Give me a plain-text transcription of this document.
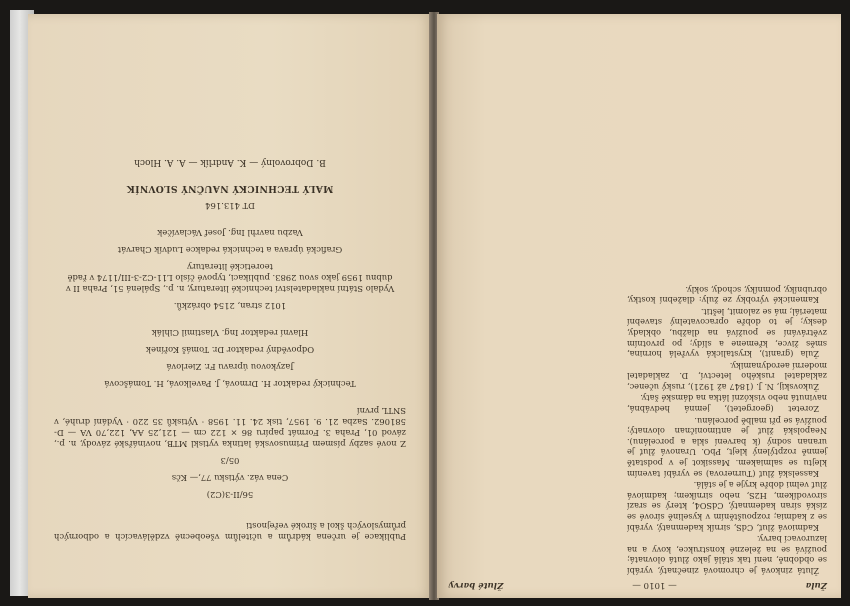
Publikace je určena kádrům a učitelům všeobecně vzdělávacích a odborných průmyslových škol a široké veřejnosti
56/II-3(C2)
Cena váz. výtisku 77,— Kčs
05/3
Z nové sazby písmem Primusovská latinka vytiskl MTB, novinářské závody, n. p., závod 01, Praha 3. Formát papíru 86 × 122 cm — 121,25 AA, 122,70 VA — D-581062. Sazba 21. 9. 1957, tisk 24. 11. 1958 · Výtisků 35 220 · Vydání druhé, v SNTL první
Technický redaktor H. Drmová, J. Pavelková, H. Tomášcová
Jazykovou úpravu Fr. Zierlová
Odpovědný redaktor Dr. Tomáš Kořínek
Hlavní redaktor Ing. Vlastimil Cihlák
1012 stran, 2154 obrázků.
Vydalo Státní nakladatelství technické literatury, n. p., Spálená 51, Praha II v dubnu 1959 jako svou 2983. publikaci, typové číslo L11-C2-3-III/1174 v řadě teoretické literatury
Grafická úprava a technická redakce Ludvík Charvát
Vazbu navrhl Ing. Josef Václavíček
DT 413.164
MALÝ TECHNICKÝ NAUČNÝ SLOVNÍK
B. Dobrovolný — K. Andrlík — A. A. Hloch
Žula
— 1010 —
Žluté barvy

Žlutá zinková je chromová zinečnatý, vyrábí se obdobně, není tak stálá jako žlutá olovnatá; používá se na železné konstrukce, kovy a na lazurovací barvy.

Kadmiová žluť, CdS, sirník kademnatý, vyrábí se z kadmia; rozpouštěním v kyselině sírové se získá síran kademnatý, CdSO4, který se srazí sirovodíkem, H2S, nebo sirníkem; kadmiová žluť velmi dobře kryje a je stálá.

Kasselská žluť (Turnerova) se vyrábí tavením klejtu se salmiakem. Massikot je v podstatě jemně rozptýlený klejt, PbO. Uranová žluť je uranan sodný (k barvení skla a porcelánu). Neapolská žluť je antimoničnan olovnatý; používá se při malbě porcelánu.

Zoretet (georgetet), jemná hedvábná, navinutá nebo viskózní látka na dámské šaty.

Žukovskij, N. J. (1847 až 1921), ruský učenec, zakladatel ruského letectví, D. zakladatel moderní aerodynamiky.

Žula (granit), krystalická vyvřelá hornina, směs živce, křemene a slídy; po prvotním zvětrávání se používá na dlažbu, obklady, desky; je to dobře opracovatelný stavební materiál; má se zalomit, leštit.

Kamenické výrobky ze žuly: dlažební kostky, obrubníky, pomníky, schody, sokly.
